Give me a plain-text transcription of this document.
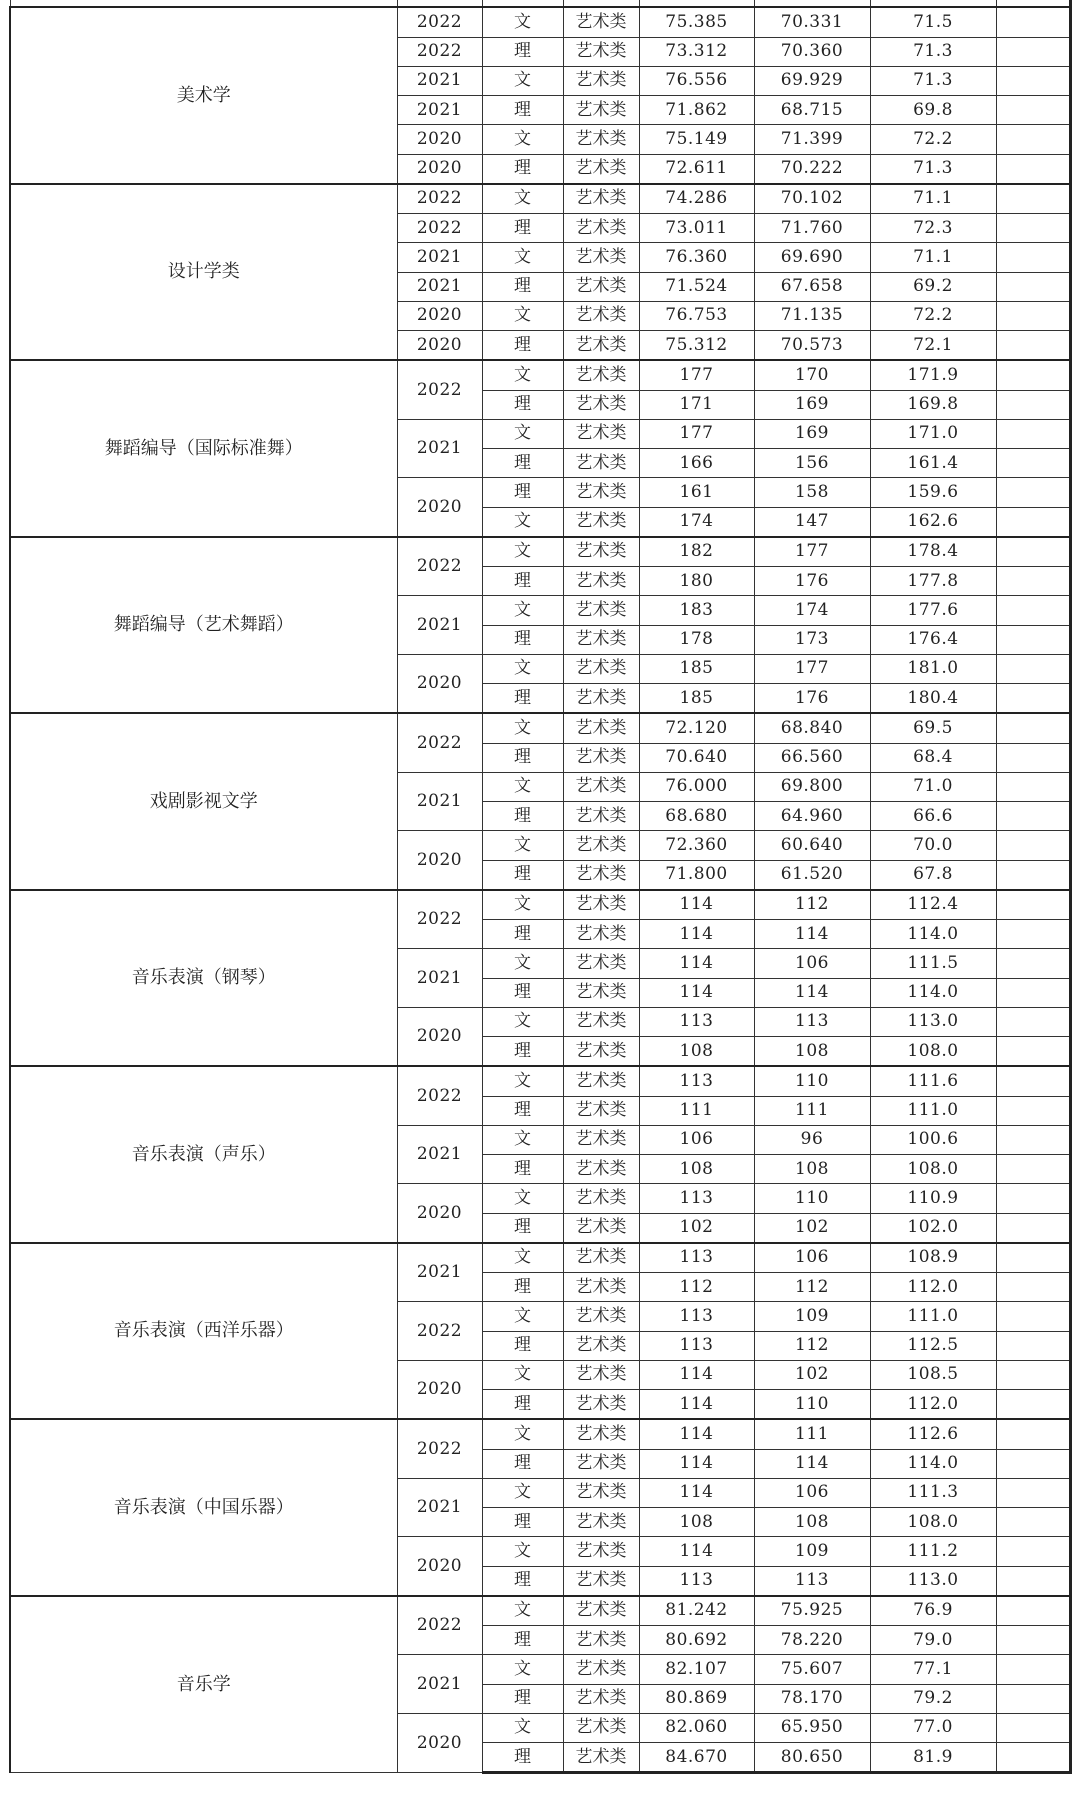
美术学	2022	文	艺术类	75.385	70.331	71.5	
	2022	理	艺术类	73.312	70.360	71.3	
	2021	文	艺术类	76.556	69.929	71.3	
	2021	理	艺术类	71.862	68.715	69.8	
	2020	文	艺术类	75.149	71.399	72.2	
	2020	理	艺术类	72.611	70.222	71.3	
设计学类	2022	文	艺术类	74.286	70.102	71.1	
	2022	理	艺术类	73.011	71.760	72.3	
	2021	文	艺术类	76.360	69.690	71.1	
	2021	理	艺术类	71.524	67.658	69.2	
	2020	文	艺术类	76.753	71.135	72.2	
	2020	理	艺术类	75.312	70.573	72.1	
舞蹈编导（国际标准舞）	2022	文	艺术类	177	170	171.9	
		理	艺术类	171	169	169.8	
	2021	文	艺术类	177	169	171.0	
		理	艺术类	166	156	161.4	
	2020	理	艺术类	161	158	159.6	
		文	艺术类	174	147	162.6	
舞蹈编导（艺术舞蹈）	2022	文	艺术类	182	177	178.4	
		理	艺术类	180	176	177.8	
	2021	文	艺术类	183	174	177.6	
		理	艺术类	178	173	176.4	
	2020	文	艺术类	185	177	181.0	
		理	艺术类	185	176	180.4	
戏剧影视文学	2022	文	艺术类	72.120	68.840	69.5	
		理	艺术类	70.640	66.560	68.4	
	2021	文	艺术类	76.000	69.800	71.0	
		理	艺术类	68.680	64.960	66.6	
	2020	文	艺术类	72.360	60.640	70.0	
		理	艺术类	71.800	61.520	67.8	
音乐表演（钢琴）	2022	文	艺术类	114	112	112.4	
		理	艺术类	114	114	114.0	
	2021	文	艺术类	114	106	111.5	
		理	艺术类	114	114	114.0	
	2020	文	艺术类	113	113	113.0	
		理	艺术类	108	108	108.0	
音乐表演（声乐）	2022	文	艺术类	113	110	111.6	
		理	艺术类	111	111	111.0	
	2021	文	艺术类	106	96	100.6	
		理	艺术类	108	108	108.0	
	2020	文	艺术类	113	110	110.9	
		理	艺术类	102	102	102.0	
音乐表演（西洋乐器）	2021	文	艺术类	113	106	108.9	
		理	艺术类	112	112	112.0	
	2022	文	艺术类	113	109	111.0	
		理	艺术类	113	112	112.5	
	2020	文	艺术类	114	102	108.5	
		理	艺术类	114	110	112.0	
音乐表演（中国乐器）	2022	文	艺术类	114	111	112.6	
		理	艺术类	114	114	114.0	
	2021	文	艺术类	114	106	111.3	
		理	艺术类	108	108	108.0	
	2020	文	艺术类	114	109	111.2	
		理	艺术类	113	113	113.0	
音乐学	2022	文	艺术类	81.242	75.925	76.9	
		理	艺术类	80.692	78.220	79.0	
	2021	文	艺术类	82.107	75.607	77.1	
		理	艺术类	80.869	78.170	79.2	
	2020	文	艺术类	82.060	65.950	77.0	
		理	艺术类	84.670	80.650	81.9	
